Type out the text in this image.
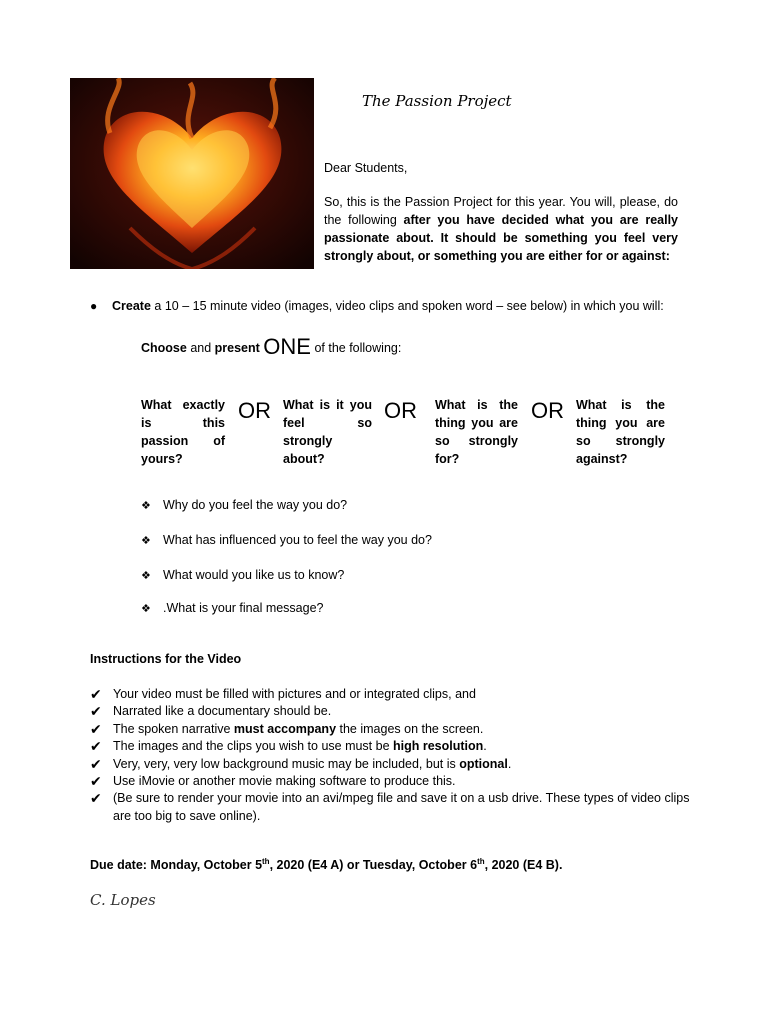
The Passion Project
Dear Students,
So, this is the Passion Project for this year. You will, please, do the following after you have decided what you are really passionate about. It should be something you feel very strongly about, or something you are either for or against:
● Create a 10 – 15 minute video (images, video clips and spoken word – see below) in which you will:
Choose and present ONE of the following:
What exactly is this passion of yours?
OR What is it you feel so strongly about?
OR What is the thing you are so strongly for?
OR What is the thing you are so strongly against?
❖ Why do you feel the way you do?
❖ What has influenced you to feel the way you do?
❖ What would you like us to know?
❖ .What is your final message?
Instructions for the Video
✔ Your video must be filled with pictures and or integrated clips, and
✔ Narrated like a documentary should be.
✔ The spoken narrative must accompany the images on the screen.
✔ The images and the clips you wish to use must be high resolution.
✔ Very, very, very low background music may be included, but is optional.
✔ Use iMovie or another movie making software to produce this.
✔ (Be sure to render your movie into an avi/mpeg file and save it on a usb drive. These types of video clips are too big to save online).
Due date: Monday, October 5th, 2020 (E4 A) or Tuesday, October 6th, 2020 (E4 B).
C. Lopes
